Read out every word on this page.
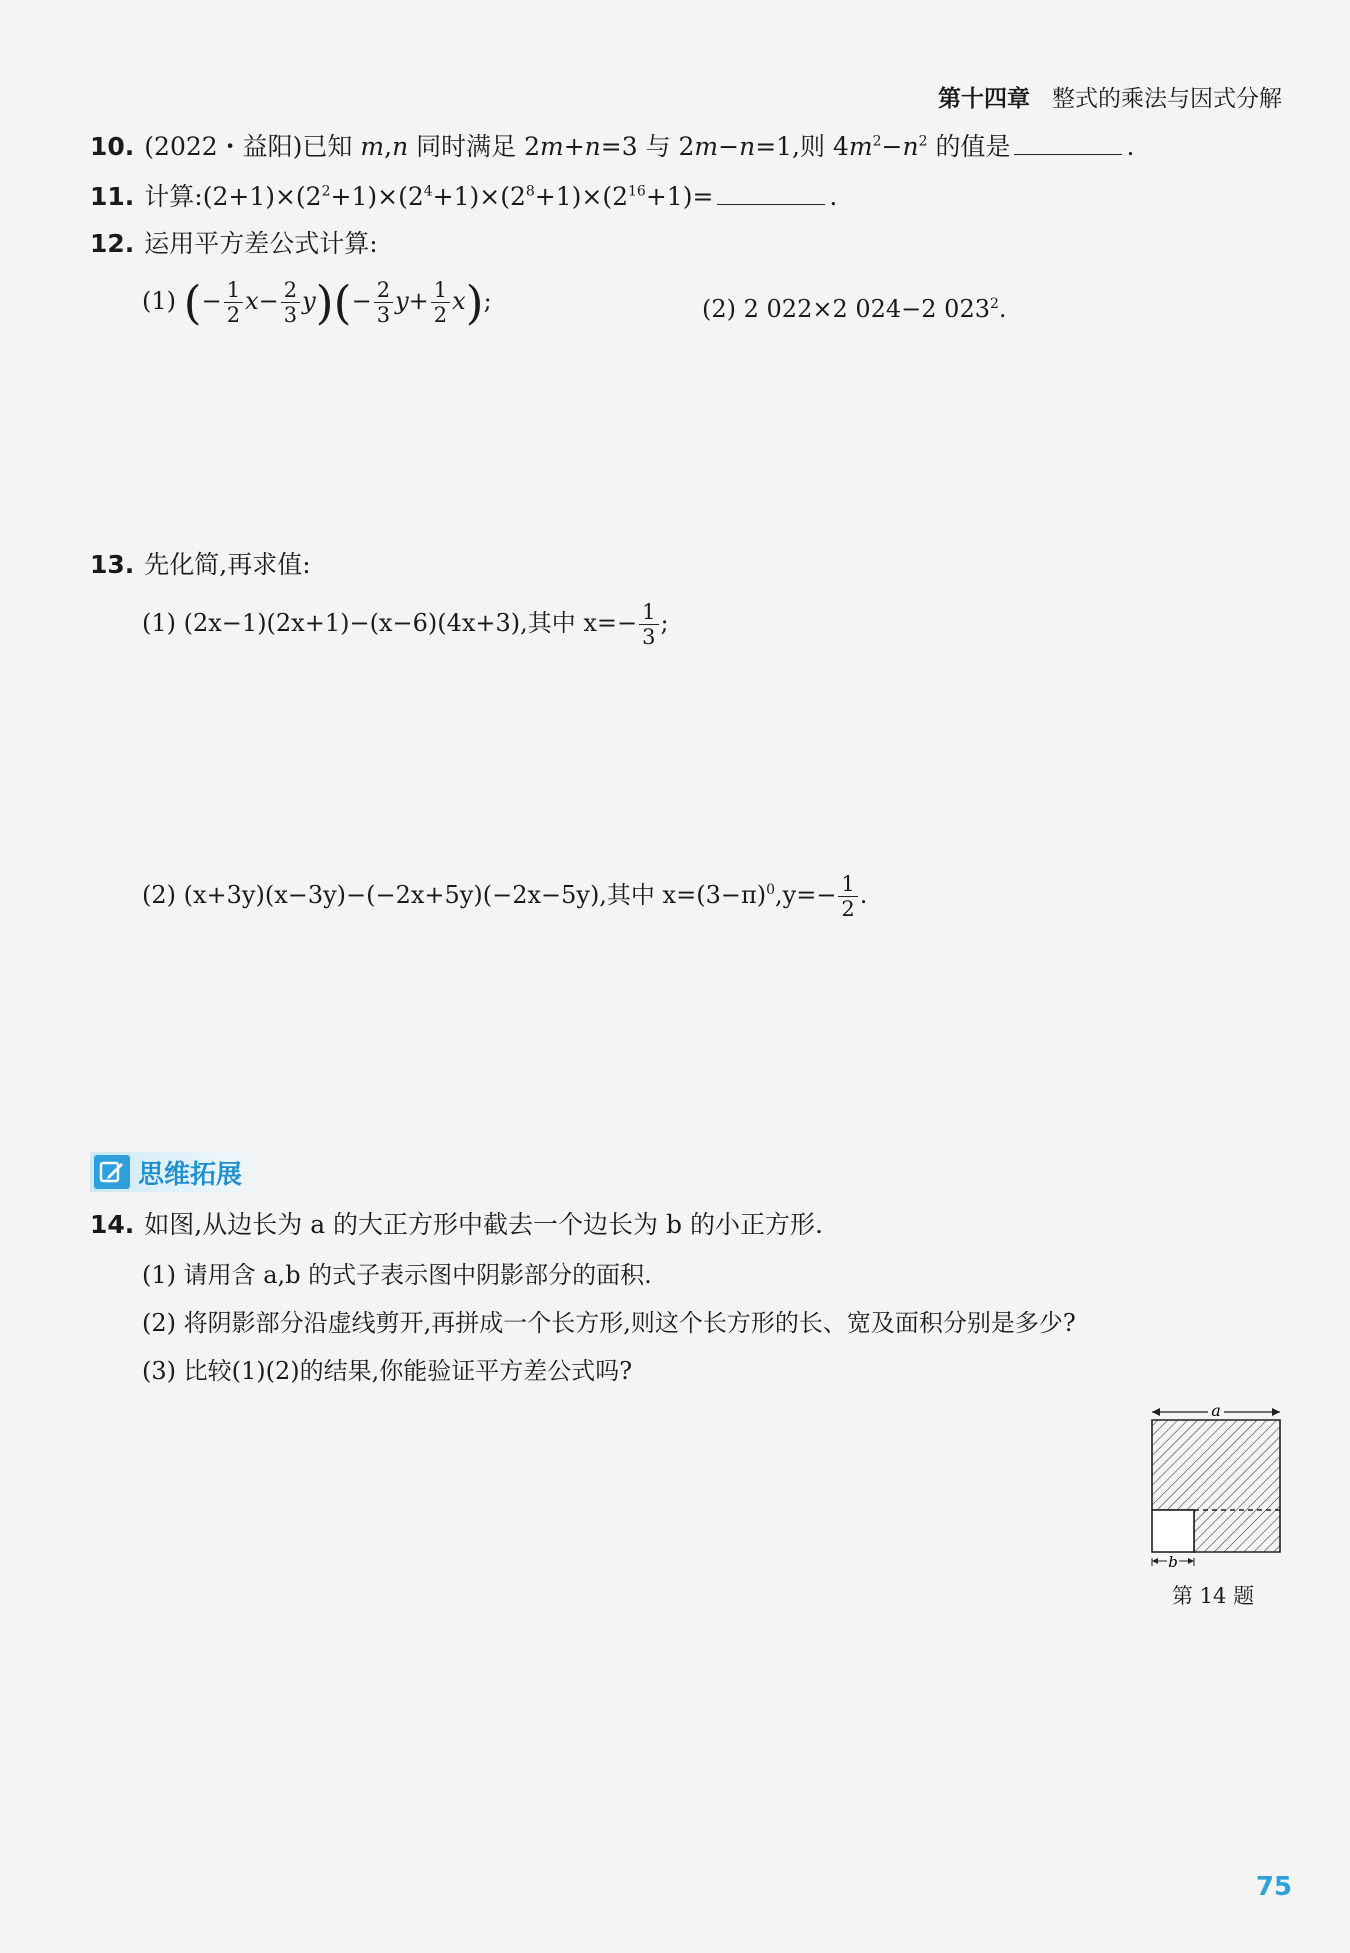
第十四章 整式的乘法与因式分解
10. (2022・益阳)已知 m,n 同时满足 2m+n=3 与 2m−n=1,则 $4m^2-n^2$ 的值是	.
11. 计算$:(2+1)\times(2^2+1)\times(2^4+1)\times(2^8+1)\times(2^{16}+1)=$	.
12. 运用平方差公式计算:
(1) (− $\frac{1}{2} x- \frac{2}{3} y)(- \frac{2}{3} y+ \frac{1}{2} x)$;	(2) 2 022×2 024−2 $023^2$.
13. 先化简,再求值:
(1) (2x−1)(2x+1)−(x−6)(4x+3),其中 $x=- \frac{1}{3}$ ;
(2) (x+3y)(x−3y)−(−2x+5y)(−2x−5y),其中 $x=(3-\pi)^0,y=- \frac{1}{2}$ .
思维拓展
14. 如图,从边长为 a 的大正方形中截去一个边长为 b 的小正方形.
(1) 请用含 a,b 的式子表示图中阴影部分的面积.
(2) 将阴影部分沿虚线剪开,再拼成一个长方形,则这个长方形的长、宽及面积分别是多少?
(3) 比较(1)(2)的结果,你能验证平方差公式吗?
a
b
第 14 题
75
